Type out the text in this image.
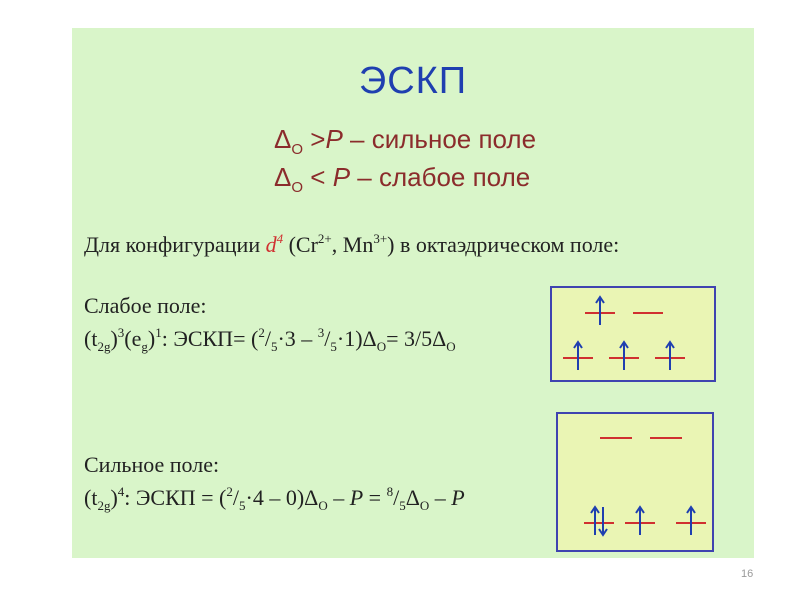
ЭСКП
$\Delta_O >P$ – сильное поле
$\Delta_O < P$ – слабое поле
Для конфигурации $d^4$ ($Cr^{2+}$, $Mn^{3+}$) в октаэдрическом поле:
Слабое поле:
$(t_{2g})^3(e_g)^1$: ЭСКП= $(^2/_5\cdot 3 - ^3/_5\cdot 1)\Delta_O= 3/5\Delta_O$
Сильное поле:
$(t_{2g})^4$: ЭСКП = $(^2/_5\cdot 4 - 0)\Delta_O - P = ^8/_5\Delta_O - P$
16
